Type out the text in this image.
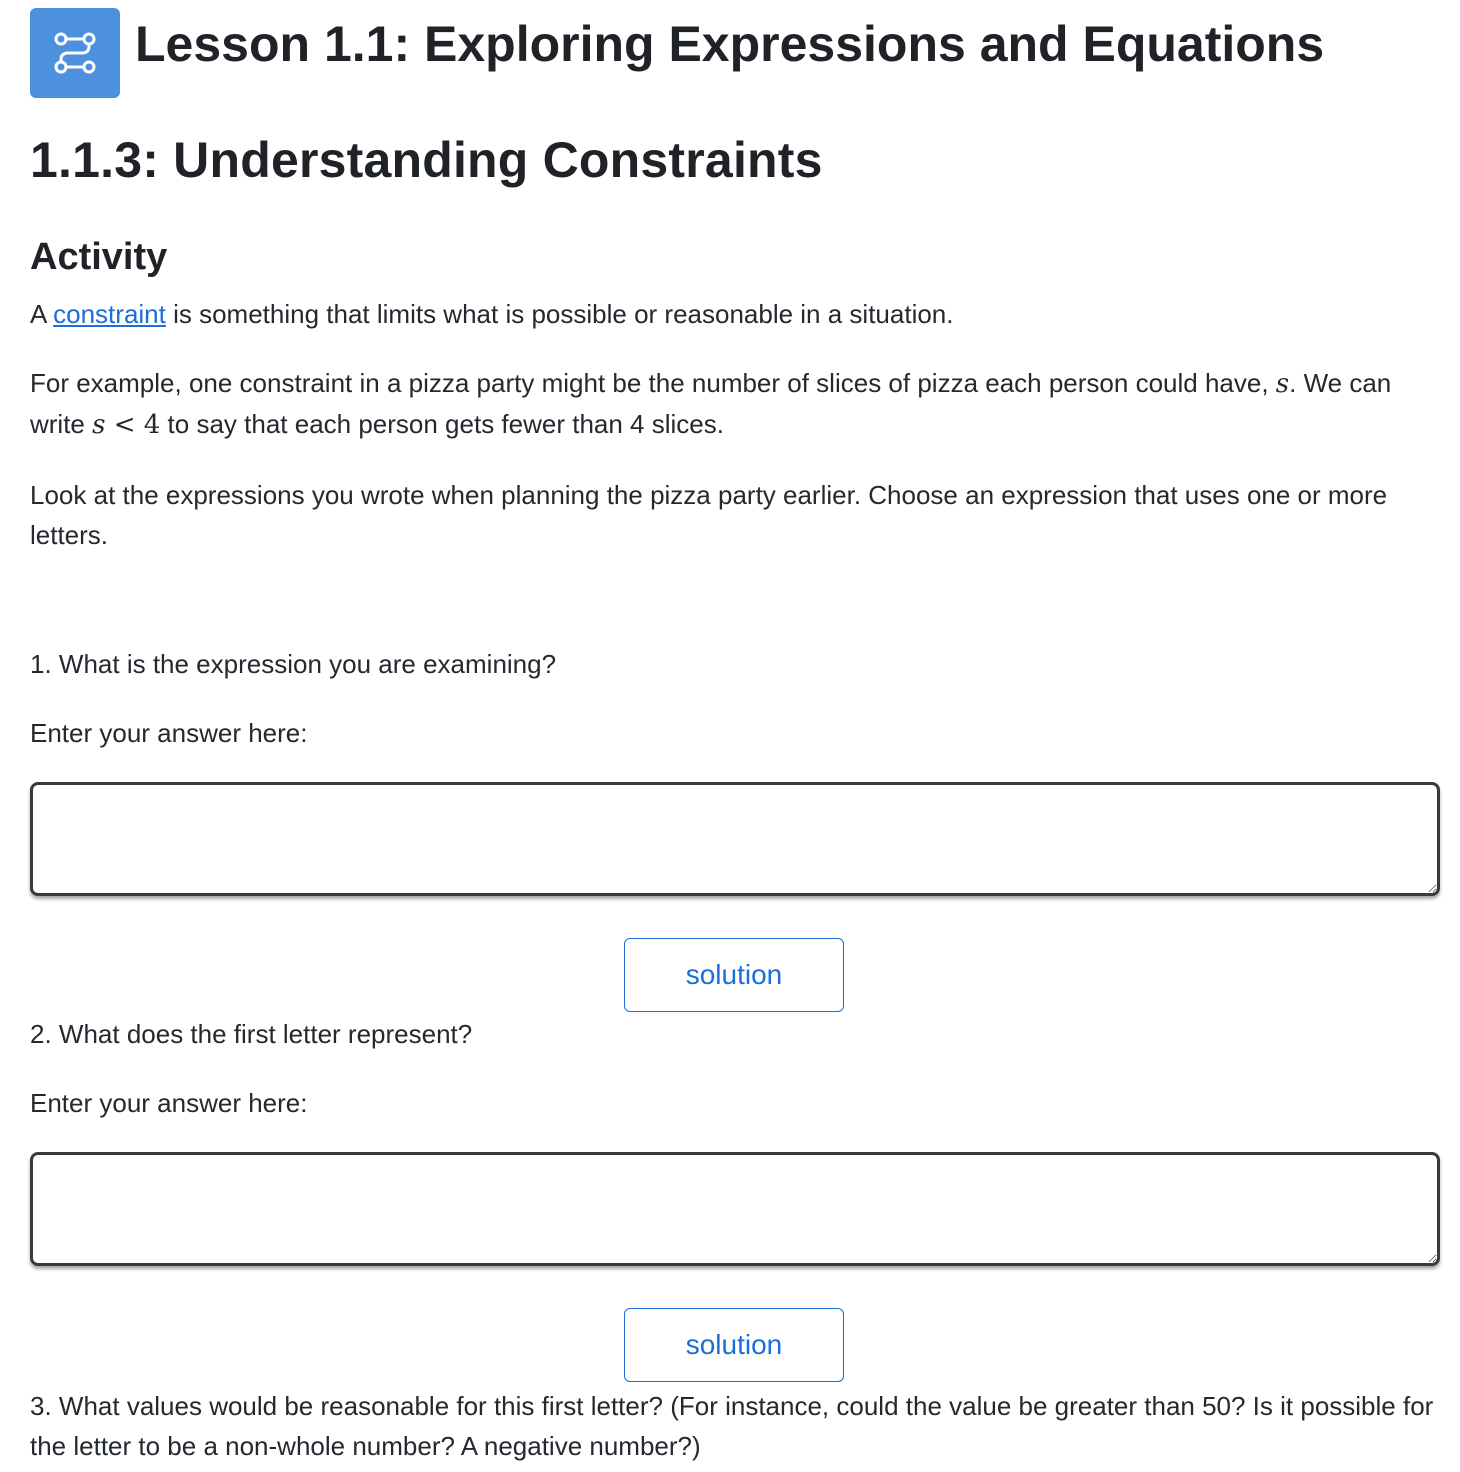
Lesson 1.1: Exploring Expressions and Equations
1.1.3: Understanding Constraints
Activity

A constraint is something that limits what is possible or reasonable in a situation.

For example, one constraint in a pizza party might be the number of slices of pizza each person could have, s. We can write s < 4 to say that each person gets fewer than 4 slices.

Look at the expressions you wrote when planning the pizza party earlier. Choose an expression that uses one or more letters.

1. What is the expression you are examining?

Enter your answer here:

solution

2. What does the first letter represent?

Enter your answer here:

solution

3. What values would be reasonable for this first letter? (For instance, could the value be greater than 50? Is it possible for the letter to be a non-whole number? A negative number?)
